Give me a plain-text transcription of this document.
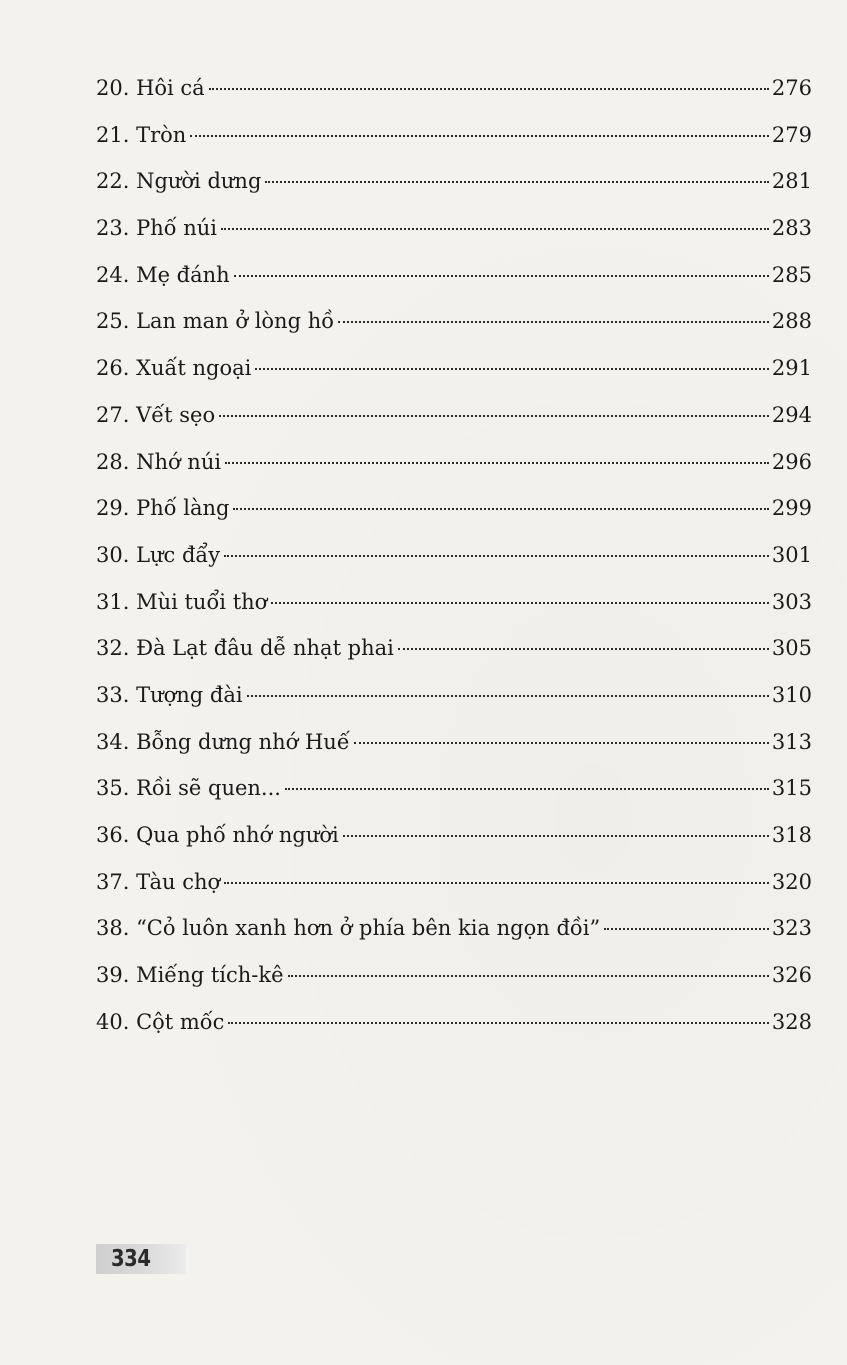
20. Hôi cá	276
21. Tròn	279
22. Người dưng	281
23. Phố núi	283
24. Mẹ đánh	285
25. Lan man ở lòng hồ	288
26. Xuất ngoại	291
27. Vết sẹo	294
28. Nhớ núi	296
29. Phố làng	299
30. Lực đẩy	301
31. Mùi tuổi thơ	303
32. Đà Lạt đâu dễ nhạt phai	305
33. Tượng đài	310
34. Bỗng dưng nhớ Huế	313
35. Rồi sẽ quen...	315
36. Qua phố nhớ người	318
37. Tàu chợ	320
38. “Cỏ luôn xanh hơn ở phía bên kia ngọn đồi”	323
39. Miếng tích-kê	326
40. Cột mốc	328
334
